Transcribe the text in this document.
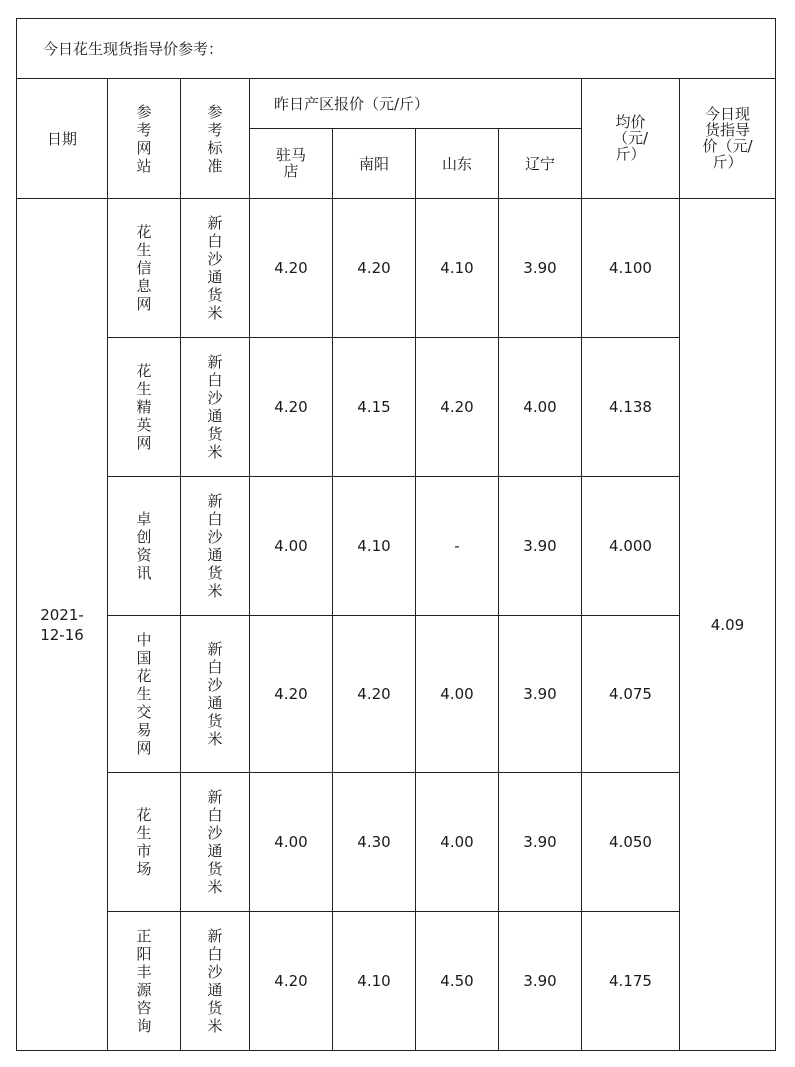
今日花生现货指导价参考：								
日期	参考网站	参考标准	昨日产区报价（元/斤）				均价（元/斤）	今日现货指导价（元/斤）
			驻马店	南阳	山东	辽宁		
2021-12-16	花生信息网	新白沙通货米	4.20	4.20	4.10	3.90	4.100	4.09
	花生精英网	新白沙通货米	4.20	4.15	4.20	4.00	4.138	
	卓创资讯	新白沙通货米	4.00	4.10	-	3.90	4.000	
	中国花生交易网	新白沙通货米	4.20	4.20	4.00	3.90	4.075	
	花生市场	新白沙通货米	4.00	4.30	4.00	3.90	4.050	
	正阳丰源咨询	新白沙通货米	4.20	4.10	4.50	3.90	4.175	
